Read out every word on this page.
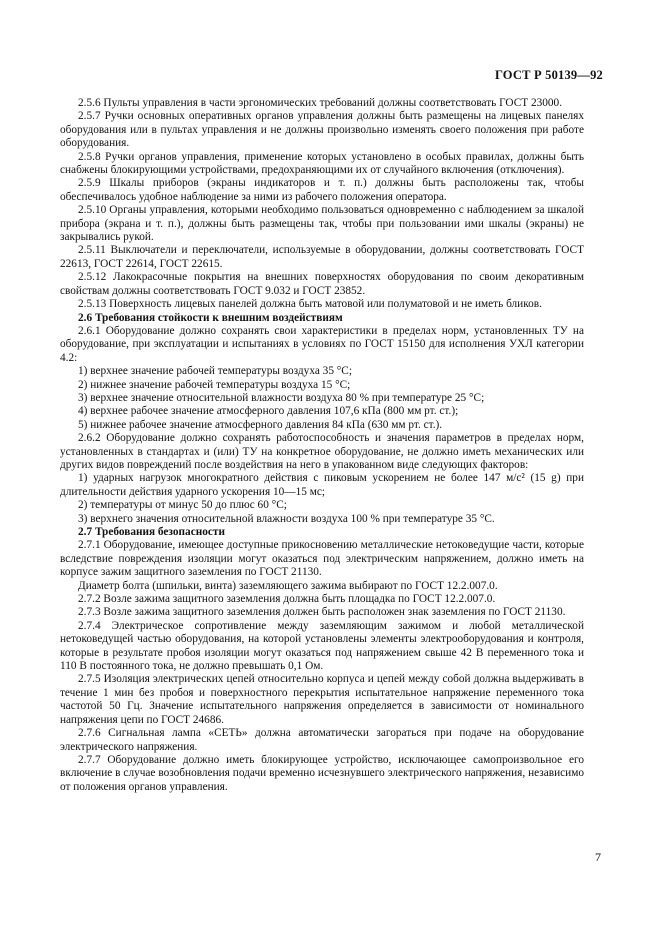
ГОСТ Р 50139—92

2.5.6 Пульты управления в части эргономических требований должны соответствовать ГОСТ 23000.

2.5.7 Ручки основных оперативных органов управления должны быть размещены на лицевых панелях оборудования или в пультах управления и не должны произвольно изменять своего положения при работе оборудования.

2.5.8 Ручки органов управления, применение которых установлено в особых правилах, должны быть снабжены блокирующими устройствами, предохраняющими их от случайного включения (отключения).

2.5.9 Шкалы приборов (экраны индикаторов и т. п.) должны быть расположены так, чтобы обеспечивалось удобное наблюдение за ними из рабочего положения оператора.

2.5.10 Органы управления, которыми необходимо пользоваться одновременно с наблюдением за шкалой прибора (экрана и т. п.), должны быть размещены так, чтобы при пользовании ими шкалы (экраны) не закрывались рукой.

2.5.11 Выключатели и переключатели, используемые в оборудовании, должны соответствовать ГОСТ 22613, ГОСТ 22614, ГОСТ 22615.

2.5.12 Лакокрасочные покрытия на внешних поверхностях оборудования по своим декоративным свойствам должны соответствовать ГОСТ 9.032 и ГОСТ 23852.

2.5.13 Поверхность лицевых панелей должна быть матовой или полуматовой и не иметь бликов.

2.6 Требования стойкости к внешним воздействиям

2.6.1 Оборудование должно сохранять свои характеристики в пределах норм, установленных ТУ на оборудование, при эксплуатации и испытаниях в условиях по ГОСТ 15150 для исполнения УХЛ категории 4.2:

1) верхнее значение рабочей температуры воздуха 35 °С;

2) нижнее значение рабочей температуры воздуха 15 °С;

3) верхнее значение относительной влажности воздуха 80 % при температуре 25 °С;

4) верхнее рабочее значение атмосферного давления 107,6 кПа (800 мм рт. ст.);

5) нижнее рабочее значение атмосферного давления 84 кПа (630 мм рт. ст.).

2.6.2 Оборудование должно сохранять работоспособность и значения параметров в пределах норм, установленных в стандартах и (или) ТУ на конкретное оборудование, не должно иметь механических или других видов повреждений после воздействия на него в упакованном виде следующих факторов:

1) ударных нагрузок многократного действия с пиковым ускорением не более 147 м/с² (15 g) при длительности действия ударного ускорения 10—15 мс;

2) температуры от минус 50 до плюс 60 °С;

3) верхнего значения относительной влажности воздуха 100 % при температуре 35 °С.

2.7 Требования безопасности

2.7.1 Оборудование, имеющее доступные прикосновению металлические нетоковедущие части, которые вследствие повреждения изоляции могут оказаться под электрическим напряжением, должно иметь на корпусе зажим защитного заземления по ГОСТ 21130.

Диаметр болта (шпильки, винта) заземляющего зажима выбирают по ГОСТ 12.2.007.0.

2.7.2 Возле зажима защитного заземления должна быть площадка по ГОСТ 12.2.007.0.

2.7.3 Возле зажима защитного заземления должен быть расположен знак заземления по ГОСТ 21130.

2.7.4 Электрическое сопротивление между заземляющим зажимом и любой металлической нетоковедущей частью оборудования, на которой установлены элементы электрооборудования и контроля, которые в результате пробоя изоляции могут оказаться под напряжением свыше 42 В переменного тока и 110 В постоянного тока, не должно превышать 0,1 Ом.

2.7.5 Изоляция электрических цепей относительно корпуса и цепей между собой должна выдерживать в течение 1 мин без пробоя и поверхностного перекрытия испытательное напряжение переменного тока частотой 50 Гц. Значение испытательного напряжения определяется в зависимости от номинального напряжения цепи по ГОСТ 24686.

2.7.6 Сигнальная лампа «СЕТЬ» должна автоматически загораться при подаче на оборудование электрического напряжения.

2.7.7 Оборудование должно иметь блокирующее устройство, исключающее самопроизвольное его включение в случае возобновления подачи временно исчезнувшего электрического напряжения, независимо от положения органов управления.

7
